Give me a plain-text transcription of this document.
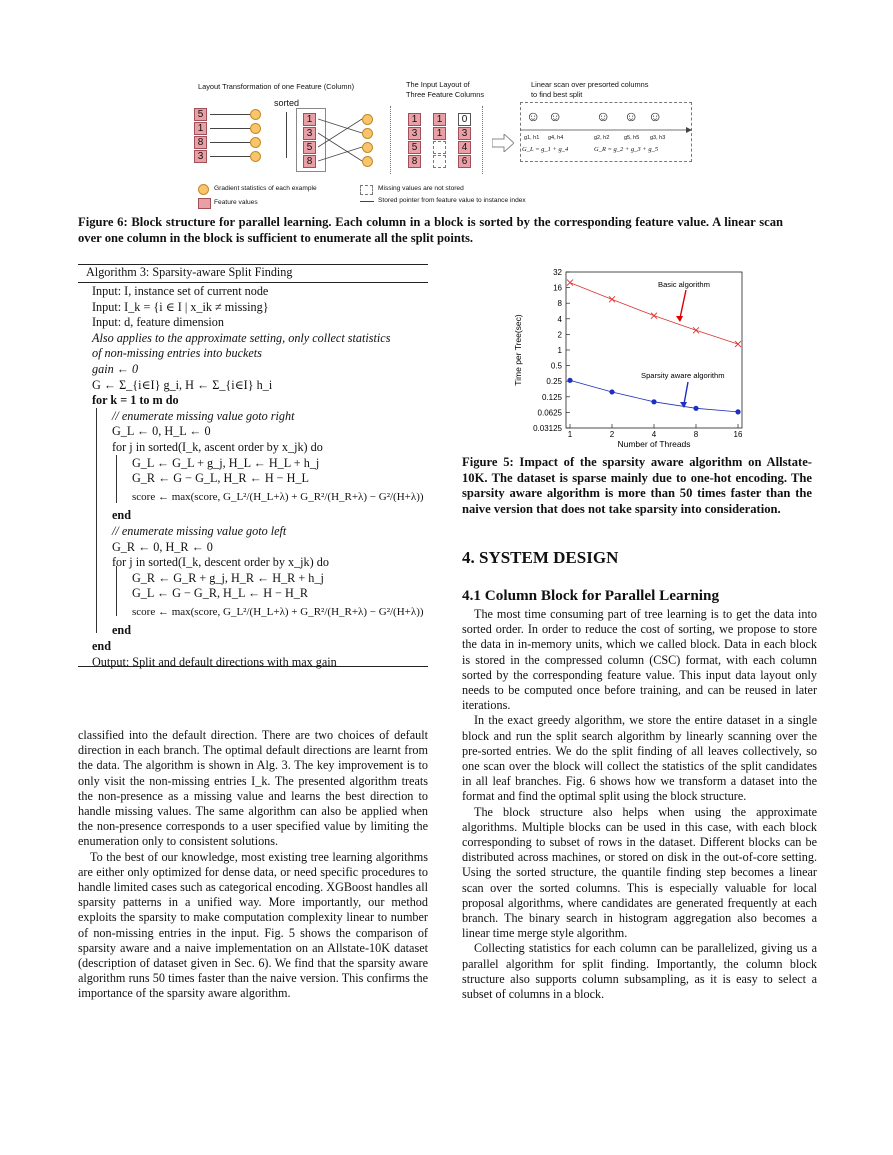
Layout Transformation of one Feature (Column)	The Input Layout of
Three Feature Columns
Linear scan over presorted columns
to find best split
5
1
8
3
sorted
1
3
5
8
1
3
5
8
1
1
0
3
4
6
☺ ☺ ☺ ☺ ☺
g1, h1 g4, h4	g2, h2	g5, h5 g3, h3
G_L = g_1 + g_4	G_R = g_2 + g_3 + g_5
Gradient statistics of each example
Feature values
Missing values are not stored
Stored pointer from feature value to instance index
Figure 6: Block structure for parallel learning. Each column in a block is sorted by the corresponding feature value. A linear scan over one column in the block is sufficient to enumerate all the split points.
Algorithm 3: Sparsity-aware Split Finding
Input: I, instance set of current node
Input: I_k = {i ∈ I | x_ik ≠ missing}
Input: d, feature dimension
Also applies to the approximate setting, only collect statistics of non-missing entries into buckets
gain ← 0
G ← Σ_{i∈I} g_i, H ← Σ_{i∈I} h_i
for k = 1 to m do
// enumerate missing value goto right
G_L ← 0, H_L ← 0
for j in sorted(I_k, ascent order by x_jk) do
G_L ← G_L + g_j, H_L ← H_L + h_j
G_R ← G − G_L, H_R ← H − H_L
score ← max(score, G_L²/(H_L+λ) + G_R²/(H_R+λ) − G²/(H+λ))
end
// enumerate missing value goto left
G_R ← 0, H_R ← 0
for j in sorted(I_k, descent order by x_jk) do
G_R ← G_R + g_j, H_R ← H_R + h_j
G_L ← G − G_R, H_L ← H − H_R
score ← max(score, G_L²/(H_L+λ) + G_R²/(H_R+λ) − G²/(H+λ))
end
end
Output: Split and default directions with max gain
0.03125
0.0625
0.125
0.25
0.5
1
2
4
8
16
32
1	2	4	8	16
Number of Threads
Time per Tree(sec)
Basic algorithm
Sparsity aware algorithm
Figure 5: Impact of the sparsity aware algorithm on Allstate-10K. The dataset is sparse mainly due to one-hot encoding. The sparsity aware algorithm is more than 50 times faster than the naive version that does not take sparsity into consideration.

classified into the default direction. There are two choices of default direction in each branch. The optimal default directions are learnt from the data. The algorithm is shown in Alg. 3. The key improvement is to only visit the non-missing entries I_k. The presented algorithm treats the non-presence as a missing value and learns the best direction to handle missing values. The same algorithm can also be applied when the non-presence corresponds to a user specified value by limiting the enumeration only to consistent solutions.

To the best of our knowledge, most existing tree learning algorithms are either only optimized for dense data, or need specific procedures to handle limited cases such as categorical encoding. XGBoost handles all sparsity patterns in a unified way. More importantly, our method exploits the sparsity to make computation complexity linear to number of non-missing entries in the input. Fig. 5 shows the comparison of sparsity aware and a naive implementation on an Allstate-10K dataset (description of dataset given in Sec. 6). We find that the sparsity aware algorithm runs 50 times faster than the naive version. This confirms the importance of the sparsity aware algorithm.

4. SYSTEM DESIGN
4.1 Column Block for Parallel Learning

The most time consuming part of tree learning is to get the data into sorted order. In order to reduce the cost of sorting, we propose to store the data in in-memory units, which we called block. Data in each block is stored in the compressed column (CSC) format, with each column sorted by the corresponding feature value. This input data layout only needs to be computed once before training, and can be reused in later iterations.

In the exact greedy algorithm, we store the entire dataset in a single block and run the split search algorithm by linearly scanning over the pre-sorted entries. We do the split finding of all leaves collectively, so one scan over the block will collect the statistics of the split candidates in all leaf branches. Fig. 6 shows how we transform a dataset into the format and find the optimal split using the block structure.

The block structure also helps when using the approximate algorithms. Multiple blocks can be used in this case, with each block corresponding to subset of rows in the dataset. Different blocks can be distributed across machines, or stored on disk in the out-of-core setting. Using the sorted structure, the quantile finding step becomes a linear scan over the sorted columns. This is especially valuable for local proposal algorithms, where candidates are generated frequently at each branch. The binary search in histogram aggregation also becomes a linear time merge style algorithm.

Collecting statistics for each column can be parallelized, giving us a parallel algorithm for split finding. Importantly, the column block structure also supports column subsampling, as it is easy to select a subset of columns in a block.
